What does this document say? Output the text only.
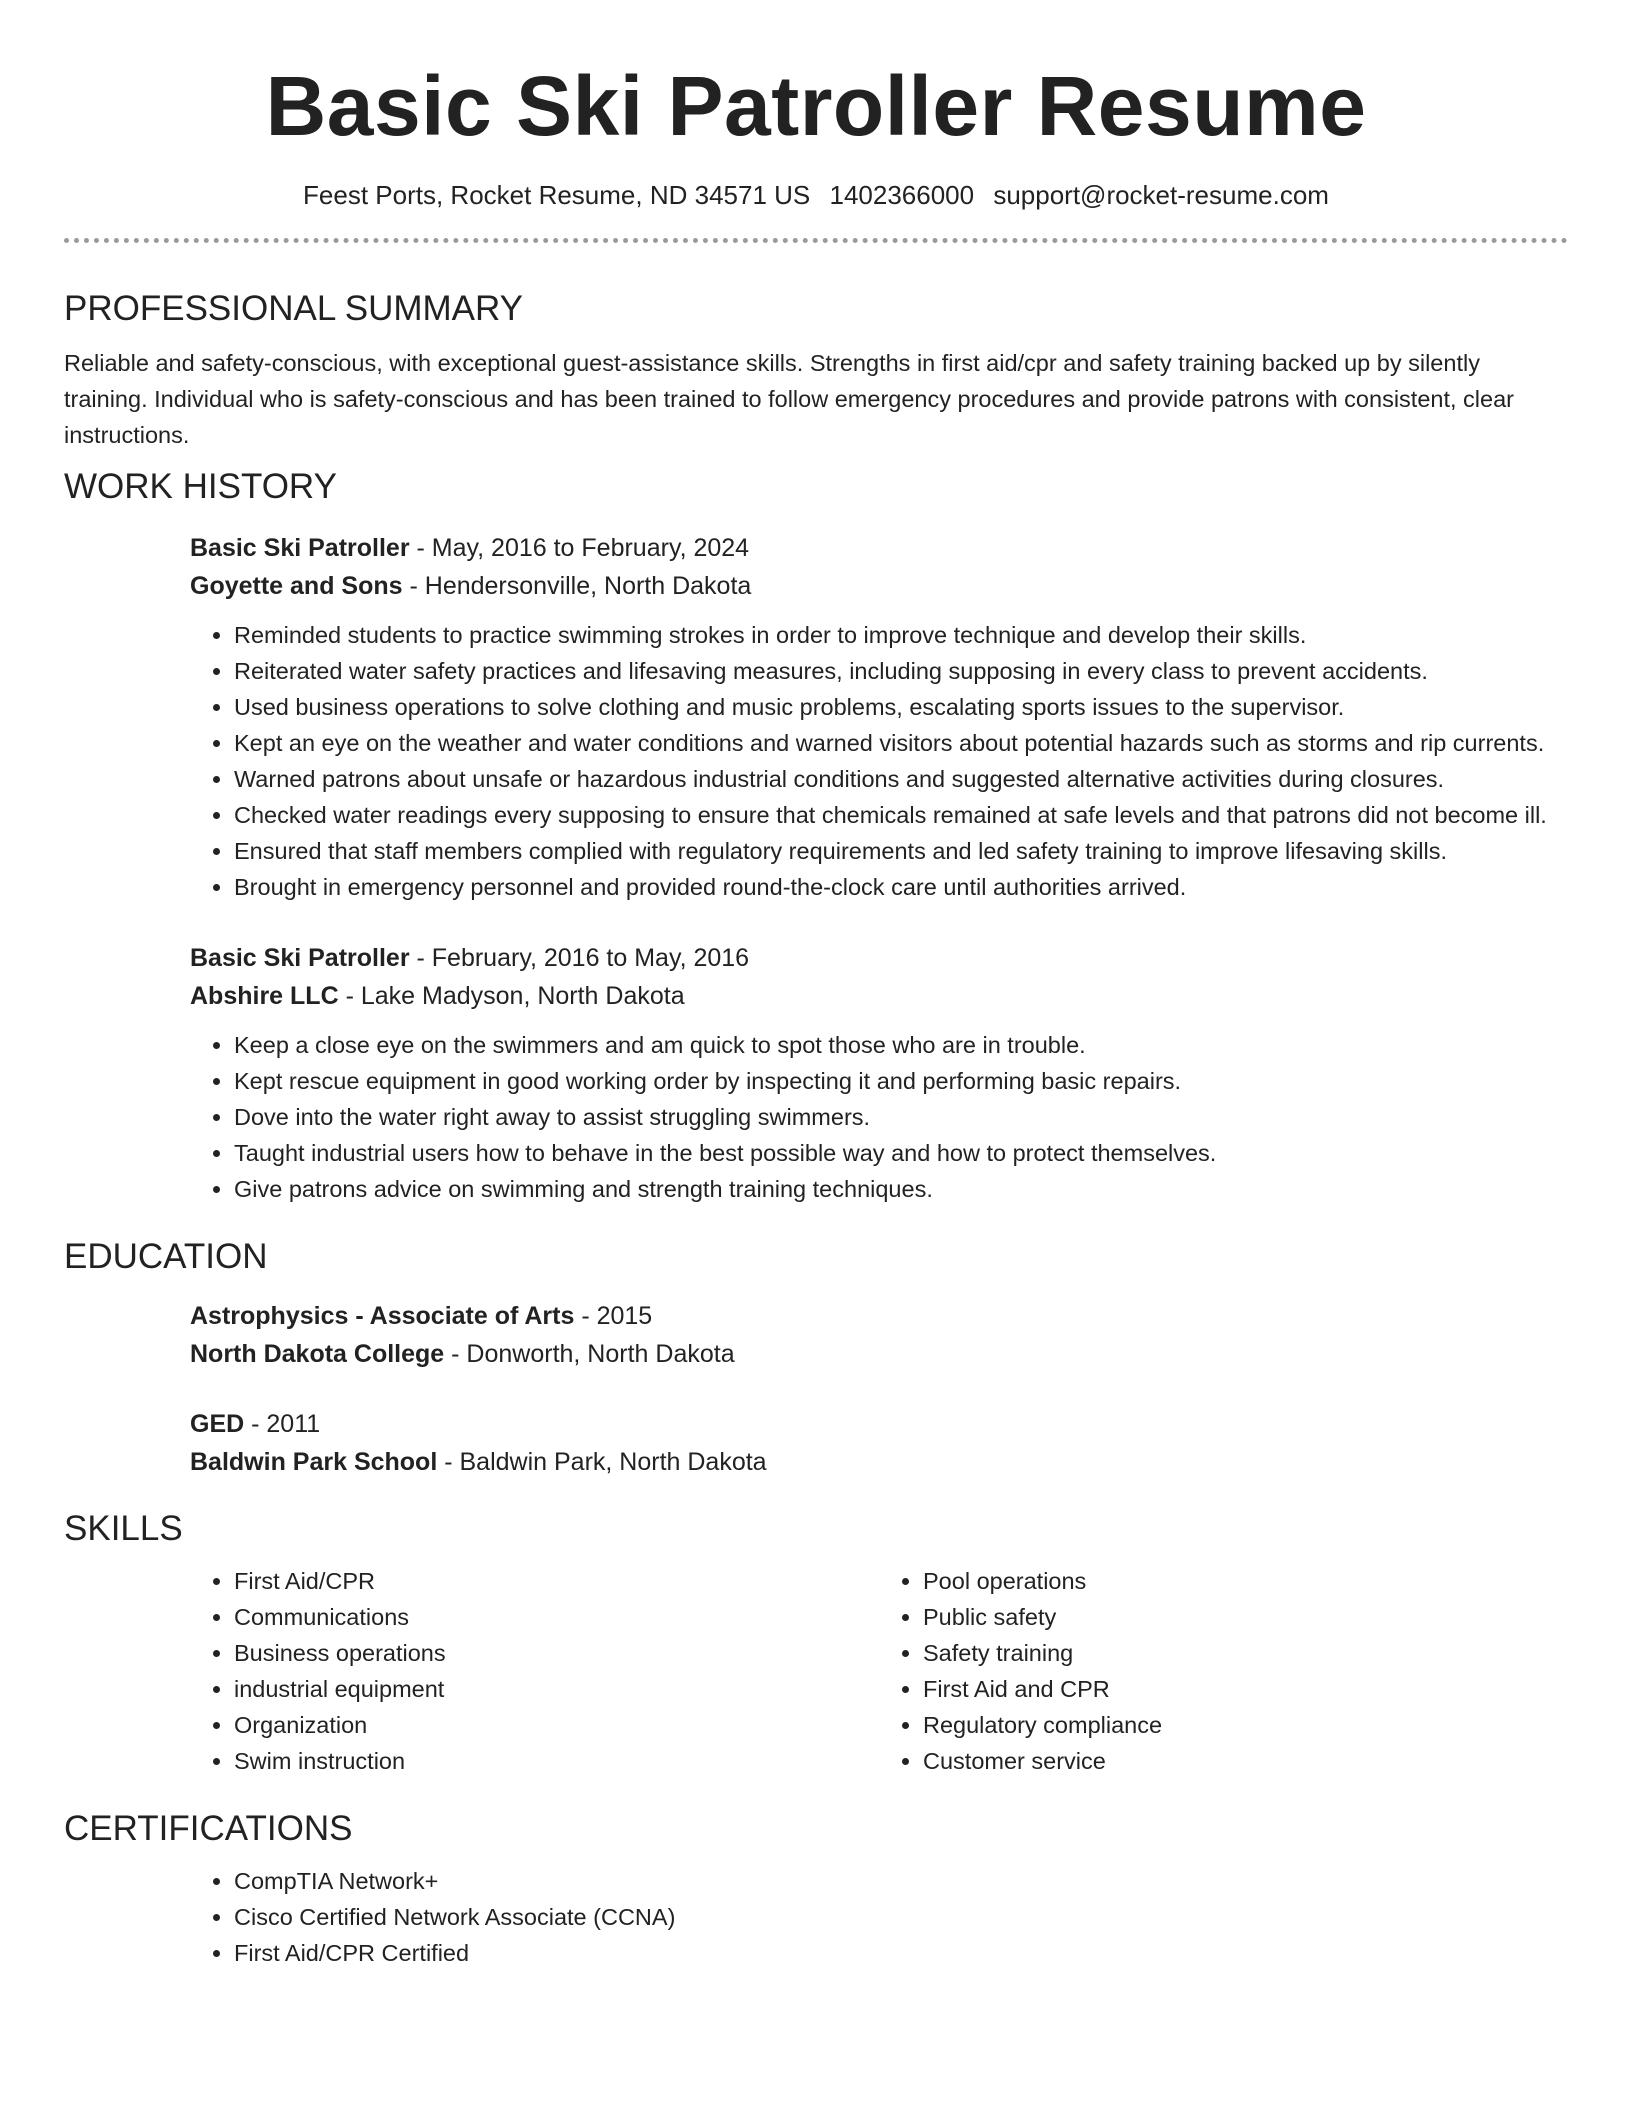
Basic Ski Patroller Resume
Feest Ports, Rocket Resume, ND 34571 US 1402366000 support@rocket-resume.com
PROFESSIONAL SUMMARY

Reliable and safety-conscious, with exceptional guest-assistance skills. Strengths in first aid/cpr and safety training backed up by silently training. Individual who is safety-conscious and has been trained to follow emergency procedures and provide patrons with consistent, clear instructions.

WORK HISTORY
Basic Ski Patroller - May, 2016 to February, 2024
Goyette and Sons - Hendersonville, North Dakota
• Reminded students to practice swimming strokes in order to improve technique and develop their skills.
• Reiterated water safety practices and lifesaving measures, including supposing in every class to prevent accidents.
• Used business operations to solve clothing and music problems, escalating sports issues to the supervisor.
• Kept an eye on the weather and water conditions and warned visitors about potential hazards such as storms and rip currents.
• Warned patrons about unsafe or hazardous industrial conditions and suggested alternative activities during closures.
• Checked water readings every supposing to ensure that chemicals remained at safe levels and that patrons did not become ill.
• Ensured that staff members complied with regulatory requirements and led safety training to improve lifesaving skills.
• Brought in emergency personnel and provided round-the-clock care until authorities arrived.
Basic Ski Patroller - February, 2016 to May, 2016
Abshire LLC - Lake Madyson, North Dakota
• Keep a close eye on the swimmers and am quick to spot those who are in trouble.
• Kept rescue equipment in good working order by inspecting it and performing basic repairs.
• Dove into the water right away to assist struggling swimmers.
• Taught industrial users how to behave in the best possible way and how to protect themselves.
• Give patrons advice on swimming and strength training techniques.
EDUCATION
Astrophysics - Associate of Arts - 2015
North Dakota College - Donworth, North Dakota
GED - 2011
Baldwin Park School - Baldwin Park, North Dakota
SKILLS
• First Aid/CPR
• Communications
• Business operations
• industrial equipment
• Organization
• Swim instruction
• Pool operations
• Public safety
• Safety training
• First Aid and CPR
• Regulatory compliance
• Customer service
CERTIFICATIONS
• CompTIA Network+
• Cisco Certified Network Associate (CCNA)
• First Aid/CPR Certified
